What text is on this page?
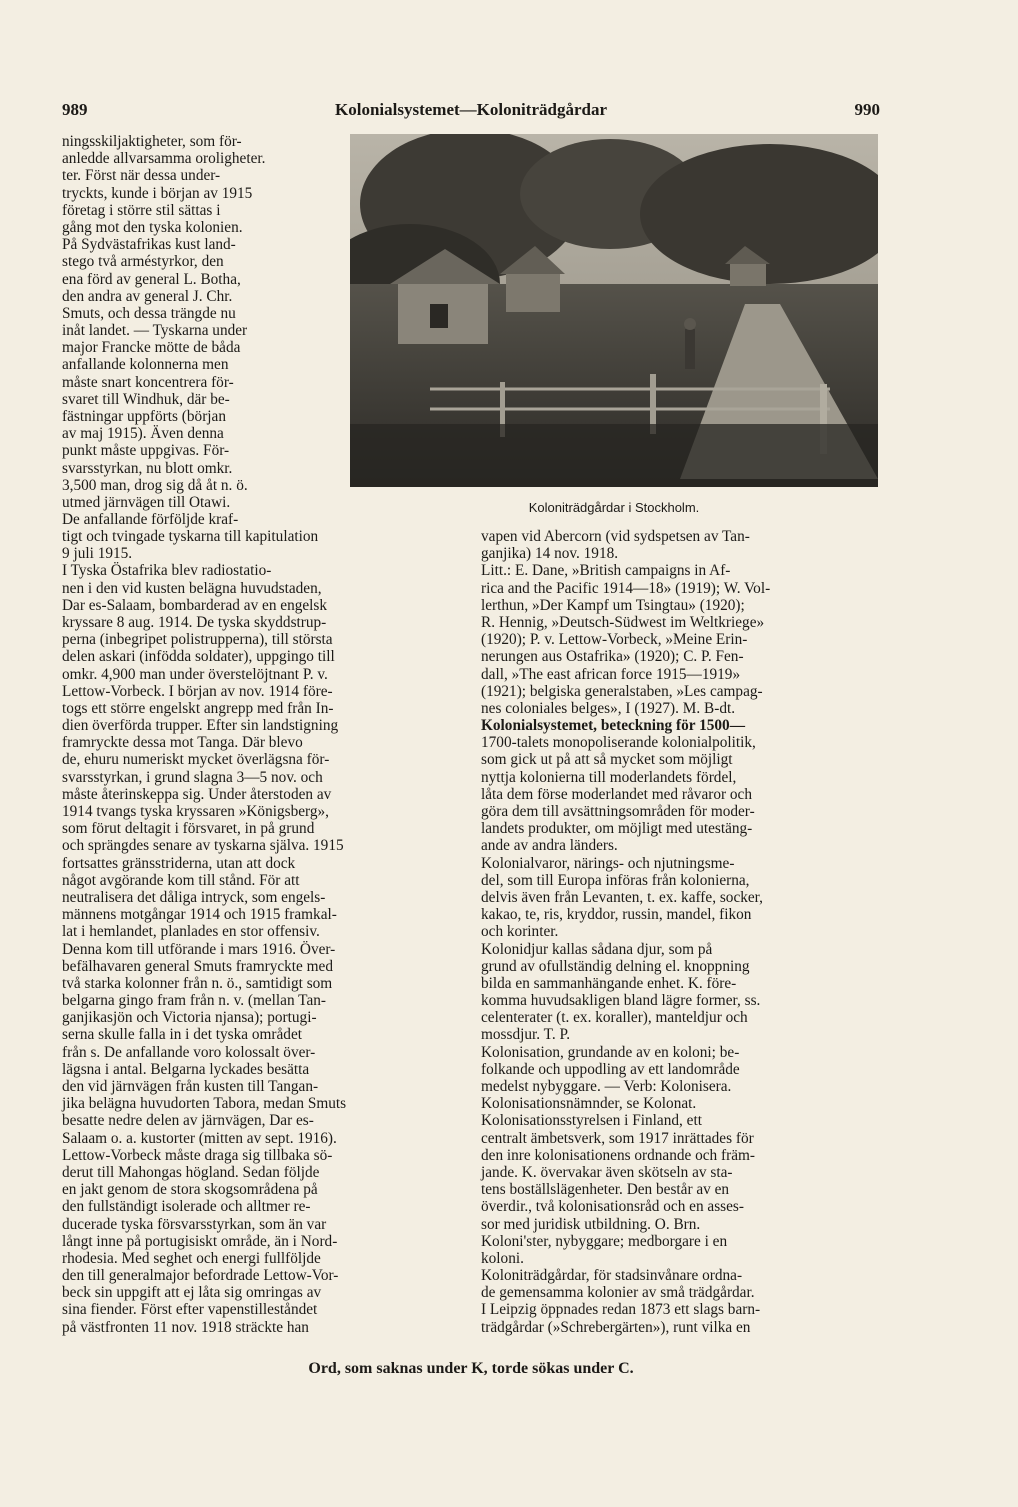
989	Kolonialsystemet—Koloniträdgårdar	990
Koloniträdgårdar i Stockholm.
ningsskiljaktigheter, som för-
anledde allvarsamma oroligheter.
ter. Först när dessa under-
tryckts, kunde i början av 1915
företag i större stil sättas i
gång mot den tyska kolonien.
På Sydvästafrikas kust land-
stego två arméstyrkor, den
ena förd av general L. Botha,
den andra av general J. Chr.
Smuts, och dessa trängde nu
inåt landet. — Tyskarna under
major Francke mötte de båda
anfallande kolonnerna men
måste snart koncentrera för-
svaret till Windhuk, där be-
fästningar uppförts (början
av maj 1915). Även denna
punkt måste uppgivas. För-
svarsstyrkan, nu blott omkr.
3,500 man, drog sig då åt n. ö.
utmed järnvägen till Otawi.
De anfallande förföljde kraf-
tigt och tvingade tyskarna till kapitulation
9 juli 1915.
I Tyska Östafrika blev radiostatio-
nen i den vid kusten belägna huvudstaden,
Dar es-Salaam, bombarderad av en engelsk
kryssare 8 aug. 1914. De tyska skyddstrup-
perna (inbegripet polistrupperna), till största
delen askari (infödda soldater), uppgingo till
omkr. 4,900 man under överstelöjtnant P. v.
Lettow-Vorbeck. I början av nov. 1914 före-
togs ett större engelskt angrepp med från In-
dien överförda trupper. Efter sin landstigning
framryckte dessa mot Tanga. Där blevo
de, ehuru numeriskt mycket överlägsna för-
svarsstyrkan, i grund slagna 3—5 nov. och
måste återinskeppa sig. Under återstoden av
1914 tvangs tyska kryssaren »Königsberg»,
som förut deltagit i försvaret, in på grund
och sprängdes senare av tyskarna själva. 1915
fortsattes gränsstriderna, utan att dock
något avgörande kom till stånd. För att
neutralisera det dåliga intryck, som engels-
männens motgångar 1914 och 1915 framkal-
lat i hemlandet, planlades en stor offensiv.
Denna kom till utförande i mars 1916. Över-
befälhavaren general Smuts framryckte med
två starka kolonner från n. ö., samtidigt som
belgarna gingo fram från n. v. (mellan Tan-
ganjikasjön och Victoria njansa); portugi-
serna skulle falla in i det tyska området
från s. De anfallande voro kolossalt över-
lägsna i antal. Belgarna lyckades besätta
den vid järnvägen från kusten till Tangan-
jika belägna huvudorten Tabora, medan Smuts
besatte nedre delen av järnvägen, Dar es-
Salaam o. a. kustorter (mitten av sept. 1916).
Lettow-Vorbeck måste draga sig tillbaka sö-
derut till Mahongas högland. Sedan följde
en jakt genom de stora skogsområdena på
den fullständigt isolerade och alltmer re-
ducerade tyska försvarsstyrkan, som än var
långt inne på portugisiskt område, än i Nord-
rhodesia. Med seghet och energi fullföljde
den till generalmajor befordrade Lettow-Vor-
beck sin uppgift att ej låta sig omringas av
sina fiender. Först efter vapenstilleståndet
på västfronten 11 nov. 1918 sträckte han
vapen vid Abercorn (vid sydspetsen av Tan-
ganjika) 14 nov. 1918.
Litt.: E. Dane, »British campaigns in Af-
rica and the Pacific 1914—18» (1919); W. Vol-
lerthun, »Der Kampf um Tsingtau» (1920);
R. Hennig, »Deutsch-Südwest im Weltkriege»
(1920); P. v. Lettow-Vorbeck, »Meine Erin-
nerungen aus Ostafrika» (1920); C. P. Fen-
dall, »The east african force 1915—1919»
(1921); belgiska generalstaben, »Les campag-
nes coloniales belges», I (1927). M. B-dt.
Kolonialsystemet, beteckning för 1500—
1700-talets monopoliserande kolonialpolitik,
som gick ut på att så mycket som möjligt
nyttja kolonierna till moderlandets fördel,
låta dem förse moderlandet med råvaror och
göra dem till avsättningsområden för moder-
landets produkter, om möjligt med utestäng-
ande av andra länders.
Kolonialvaror, närings- och njutningsme-
del, som till Europa införas från kolonierna,
delvis även från Levanten, t. ex. kaffe, socker,
kakao, te, ris, kryddor, russin, mandel, fikon
och korinter.
Kolonidjur kallas sådana djur, som på
grund av ofullständig delning el. knoppning
bilda en sammanhängande enhet. K. före-
komma huvudsakligen bland lägre former, ss.
celenterater (t. ex. koraller), manteldjur och
mossdjur. T. P.
Kolonisation, grundande av en koloni; be-
folkande och uppodling av ett landområde
medelst nybyggare. — Verb: Kolonisera.
Kolonisationsnämnder, se Kolonat.
Kolonisationsstyrelsen i Finland, ett
centralt ämbetsverk, som 1917 inrättades för
den inre kolonisationens ordnande och främ-
jande. K. övervakar även skötseln av sta-
tens boställslägenheter. Den består av en
överdir., två kolonisationsråd och en asses-
sor med juridisk utbildning. O. Brn.
Koloni'ster, nybyggare; medborgare i en
koloni.
Koloniträdgårdar, för stadsinvånare ordna-
de gemensamma kolonier av små trädgårdar.
I Leipzig öppnades redan 1873 ett slags barn-
trädgårdar (»Schrebergärten»), runt vilka en
Ord, som saknas under K, torde sökas under C.
